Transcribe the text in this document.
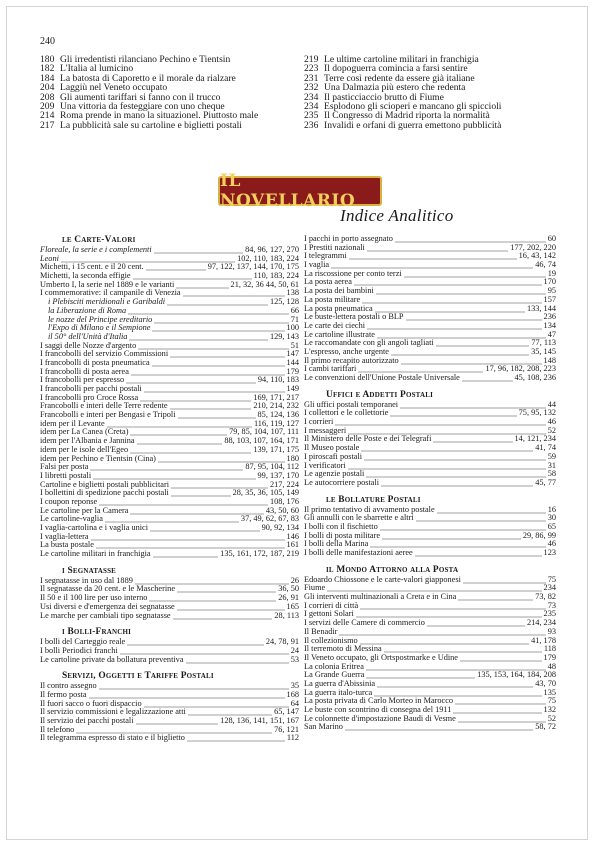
240
180 Gli irredentisti rilanciano Pechino e Tientsin
182 L'Italia al lumicino
184 La batosta di Caporetto e il morale da rialzare
204 Laggiù nel Veneto occupato
208 Gli aumenti tariffari si fanno con il trucco
209 Una vittoria da festeggiare con uno cheque
214 Roma prende in mano la situazionel. Piuttosto male
217 La pubblicità sale su cartoline e biglietti postali
219 Le ultime cartoline militari in franchigia
223 Il dopoguerra comincia a farsi sentire
231 Terre così redente da essere già italiane
232 Una Dalmazia più estero che redenta
234 Il pasticciaccio brutto di Fiume
234 Esplodono gli scioperi e mancano gli spiccioli
235 Il Congresso di Madrid riporta la normalità
236 Invalidi e orfani di guerra emettono pubblicità
IL NOVELLARIO
Indice Analitico
le Carte-Valori
Floreale, la serie e i complementi	84, 96, 127, 270
Leoni	102, 110, 183, 224
Michetti, i 15 cent. e il 20 cent.	97, 122, 137, 144, 170, 175
Michetti, la seconda effigie	110, 183, 224
Umberto I, la serie nel 1889 e le varianti	21, 32, 36 44, 50, 61
I commemorative: il campanile di Venezia	138
i Plebisciti meridionali e Garibaldi	125, 128
la Liberazione di Roma	66
le nozze del Principe ereditario	71
l'Expo di Milano e il Sempione	100
il 50° dell'Unità d'Italia	129, 143
I saggi delle Nozze d'argento	51
I francobolli del servizio Commissioni	147
I francobolli di posta pneumatica	144
I francobolli di posta aerea	179
I francobolli per espresso	94, 110, 183
I francobolli per pacchi postali	149
I francobolli pro Croce Rossa	169, 171, 217
Francobolli e interi delle Terre redente	210, 214, 232
Francobolli e interi per Bengasi e Tripoli	85, 124, 136
idem per il Levante	116, 119, 127
idem per La Canea (Creta)	79, 85, 104, 107, 111
idem per l'Albania e Jannina	88, 103, 107, 164, 171
idem per le isole dell'Egeo	139, 171, 175
idem per Pechino e Tientsin (Cina)	180
Falsi per posta	87, 95, 104, 112
I libretti postali	99, 137, 170
Cartoline e biglietti postali pubblicitari	217, 224
I bollettini di spedizione pacchi postali	28, 35, 36, 105, 149
I coupon reponse	108, 176
Le cartoline per la Camera	43, 50, 60
Le cartoline-vaglia	37, 49, 62, 67, 83
I vaglia-cartolina e i vaglia unici	90, 92, 134
I vaglia-lettera	146
La busta postale	161
Le cartoline militari in franchigia	135, 161, 172, 187, 219
i Segnatasse
I segnatasse in uso dal 1889	26
Il segnatasse da 20 cent. e le Mascherine	36, 50
Il 50 e il 100 lire per uso interno	26, 91
Usi diversi e d'emergenza dei segnatasse	165
Le marche per cambiali tipo segnatasse	28, 113
i Bolli-Franchi
I bolli del Carteggio reale	24, 78, 91
I bolli Periodici franchi	24
Le cartoline private da bollatura preventiva	53
Servizi, Oggetti e Tariffe Postali
Il contro assegno	35
Il fermo posta	168
Il fuori sacco o fuori dispaccio	64
Il servizio commissioni e legalizzazione atti	65, 147
Il servizio dei pacchi postali	128, 136, 141, 151, 167
Il telefono	76, 121
Il telegramma espresso di stato e il biglietto	112
I pacchi in porto assegnato	60
I Prestiti nazionali	177, 202, 220
I telegrammi	16, 43, 142
I vaglia	46, 74
La riscossione per conto terzi	19
La posta aerea	170
La posta dei bambini	95
La posta militare	157
La posta pneumatica	133, 144
Le buste-lettera postali o BLP	236
Le carte dei ciechi	134
Le cartoline illustrate	47
Le raccomandate con gli angoli tagliati	77, 113
L'espresso, anche urgente	35, 145
Il primo recapito autorizzato	148
I cambi tariffari	17, 96, 182, 208, 223
Le convenzioni dell'Unione Postale Universale	45, 108, 236
Uffici e Addetti Postali
Gli uffici postali temporanei	44
I collettori e le collettorie	75, 95, 132
I corrieri	46
I messaggeri	52
Il Ministero delle Poste e dei Telegrafi	14, 121, 234
Il Museo postale	41, 74
I piroscafi postali	59
I verificatori	31
Le agenzie postali	58
Le autocorriere postali	45, 77
le Bollature Postali
Il primo tentativo di avvamento postale	16
Gli annulli con le sbarrette e altri	30
I bolli con il fischietto	65
I bolli di posta militare	29, 86, 99
I bolli della Marina	46
I bolli delle manifestazioni aeree	123
il Mondo Attorno alla Posta
Edoardo Chiossone e le carte-valori giapponesi	75
Fiume	234
Gli interventi multinazionali a Creta e in Cina	73, 82
I corrieri di città	73
I gettoni Solari	235
I servizi delle Camere di commercio	214, 234
Il Benadir	93
Il collezionismo	41, 178
Il terremoto di Messina	118
Il Veneto occupato, gli Ortspostmarke e Udine	179
La colonia Eritrea	48
La Grande Guerra	135, 153, 164, 184, 208
La guerra d'Abissinia	43, 70
La guerra italo-turca	135
La posta privata di Carlo Morteo in Marocco	75
Le buste con scontrino di consegna del 1911	132
Le colonnette d'impostazione Baudi di Vesme	52
San Marino	58, 72
